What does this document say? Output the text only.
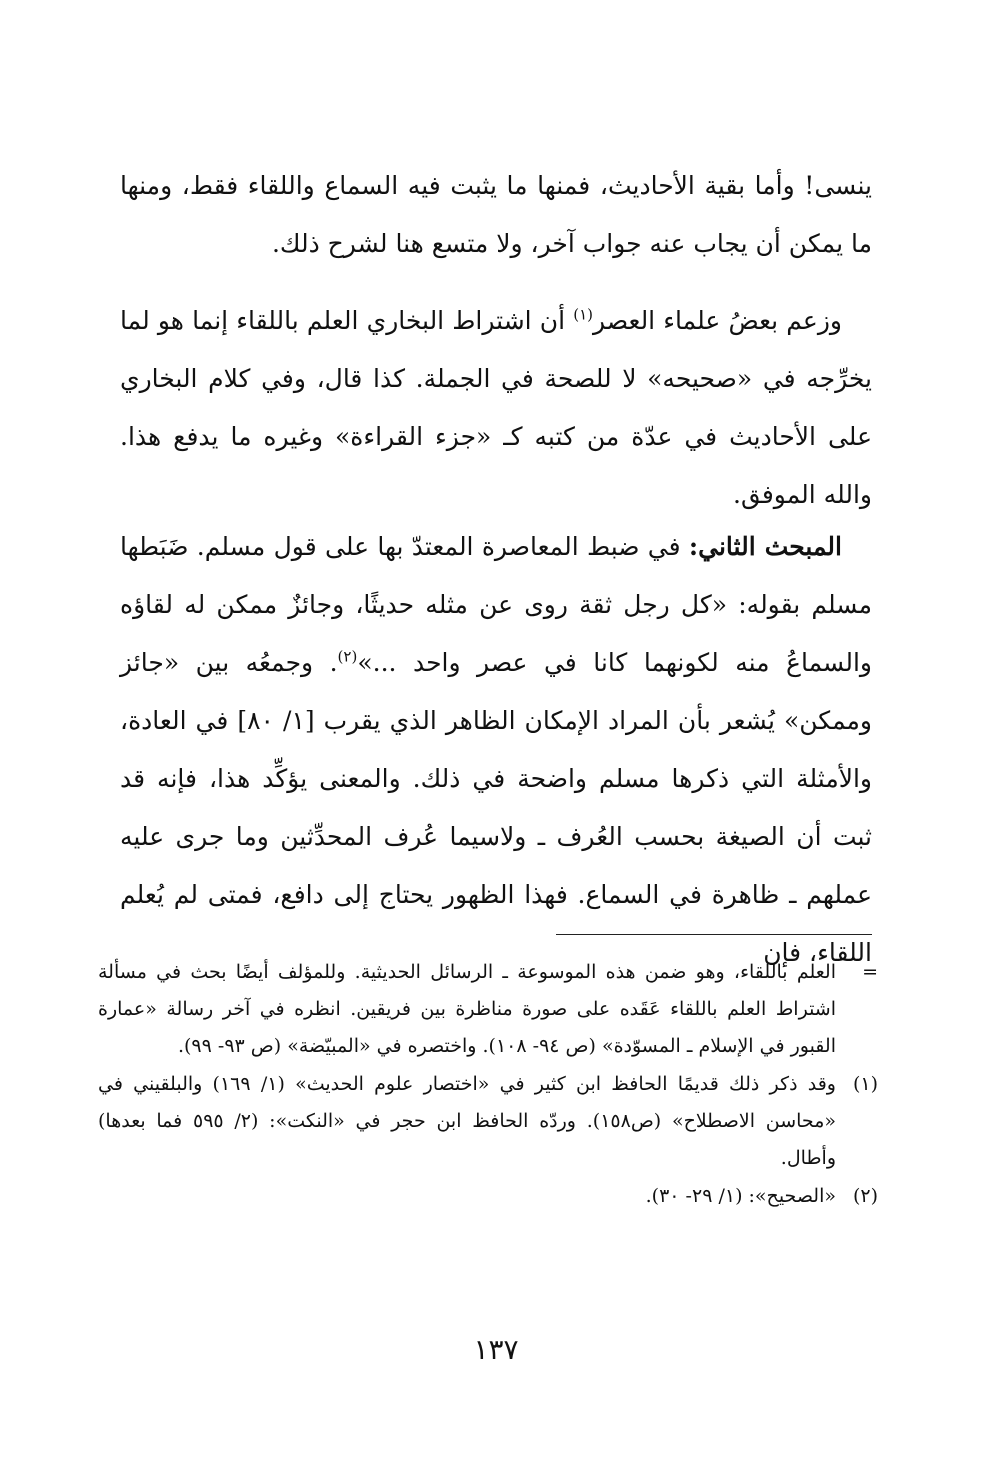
ينسى! وأما بقية الأحاديث، فمنها ما يثبت فيه السماع واللقاء فقط، ومنها ما يمكن أن يجاب عنه جواب آخر، ولا متسع هنا لشرح ذلك.

وزعم بعضُ علماء العصر$^{(١)}$ أن اشتراط البخاري العلم باللقاء إنما هو لما يخرِّجه في «صحيحه» لا للصحة في الجملة. كذا قال، وفي كلام البخاري على الأحاديث في عدّة من كتبه كـ «جزء القراءة» وغيره ما يدفع هذا. والله الموفق.

المبحث الثاني: في ضبط المعاصرة المعتدّ بها على قول مسلم. ضَبَطها مسلم بقوله: «كل رجل ثقة روى عن مثله حديثًا، وجائزٌ ممكن له لقاؤه والسماعُ منه لكونهما كانا في عصر واحد ...»$^{(٢)}$. وجمعُه بين «جائز وممكن» يُشعر بأن المراد الإمكان الظاهر الذي يقرب [١/ ٨٠] في العادة، والأمثلة التي ذكرها مسلم واضحة في ذلك. والمعنى يؤكِّد هذا، فإنه قد ثبت أن الصيغة بحسب العُرف ـ ولاسيما عُرف المحدِّثين وما جرى عليه عملهم ـ ظاهرة في السماع. فهذا الظهور يحتاج إلى دافع، فمتى لم يُعلم اللقاء، فإن

=
العلم باللقاء، وهو ضمن هذه الموسوعة ـ الرسائل الحديثية. وللمؤلف أيضًا بحث في مسألة اشتراط العلم باللقاء عَقَده على صورة مناظرة بين فريقين. انظره في آخر رسالة «عمارة القبور في الإسلام ـ المسوّدة» (ص ٩٤- ١٠٨). واختصره في «المبيّضة» (ص ٩٣- ٩٩).
(١)
وقد ذكر ذلك قديمًا الحافظ ابن كثير في «اختصار علوم الحديث» (١/ ١٦٩) والبلقيني في «محاسن الاصطلاح» (ص١٥٨). وردّه الحافظ ابن حجر في «النكت»: (٢/ ٥٩٥ فما بعدها) وأطال.
(٢)
«الصحيح»: (١/ ٢٩- ٣٠).
١٣٧
